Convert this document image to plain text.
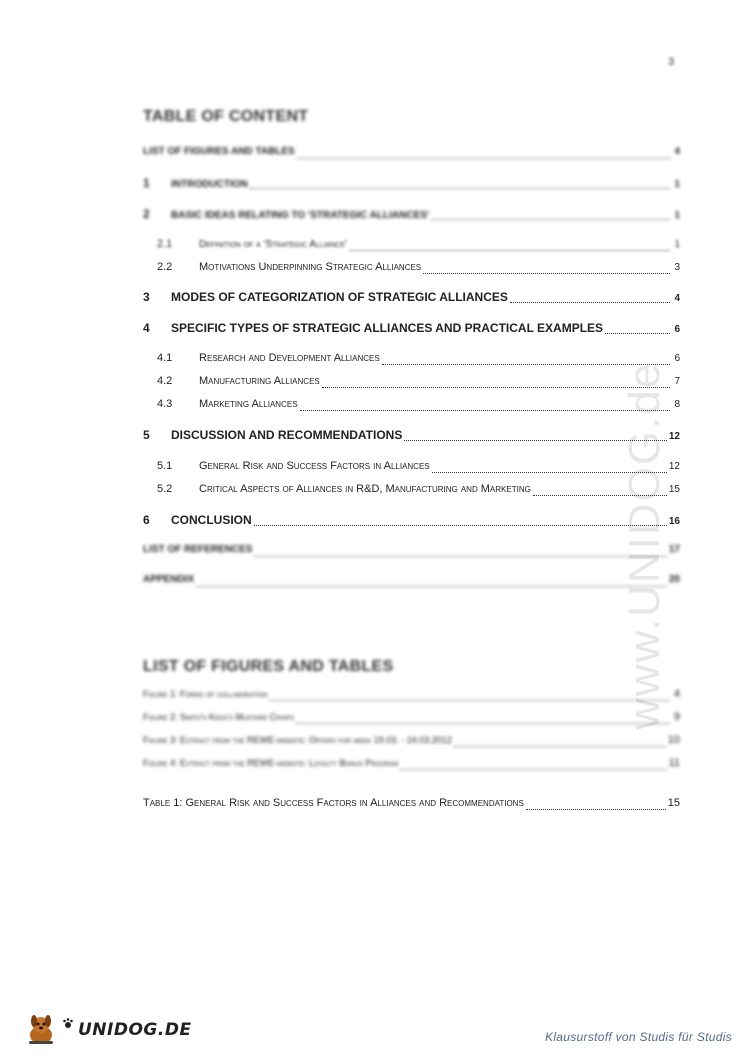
3
www.UNIDOG.de
TABLE OF CONTENT
LIST OF FIGURES AND TABLES	4
1	INTRODUCTION	1
2	BASIC IDEAS RELATING TO 'STRATEGIC ALLIANCES'	1
2.1	Definition of a 'Strategic Alliance'	1
2.2	Motivations Underpinning Strategic Alliances	3
3	MODES OF CATEGORIZATION OF STRATEGIC ALLIANCES	4
4	SPECIFIC TYPES OF STRATEGIC ALLIANCES AND PRACTICAL EXAMPLES	6
4.1	Research and Development Alliances	6
4.2	Manufacturing Alliances	7
4.3	Marketing Alliances	8
5	DISCUSSION AND RECOMMENDATIONS	12
5.1	General Risk and Success Factors in Alliances	12
5.2	Critical Aspects of Alliances in R&D, Manufacturing and Marketing	15
6	CONCLUSION	16
LIST OF REFERENCES	17
APPENDIX	20
LIST OF FIGURES AND TABLES
Figure 1: Forms of collaboration	4
Figure 2: Smith's Keen's Mustard Crisps	9
Figure 3: Extract from the REWE-website: Offers for week 19.03. - 24.03.2012	10
Figure 4: Extract from the REWE-website: Loyalty Bonus Program	11
Table 1: General Risk and Success Factors in Alliances and Recommendations	15
UNIDOG.DE	Klausurstoff von Studis für Studis
